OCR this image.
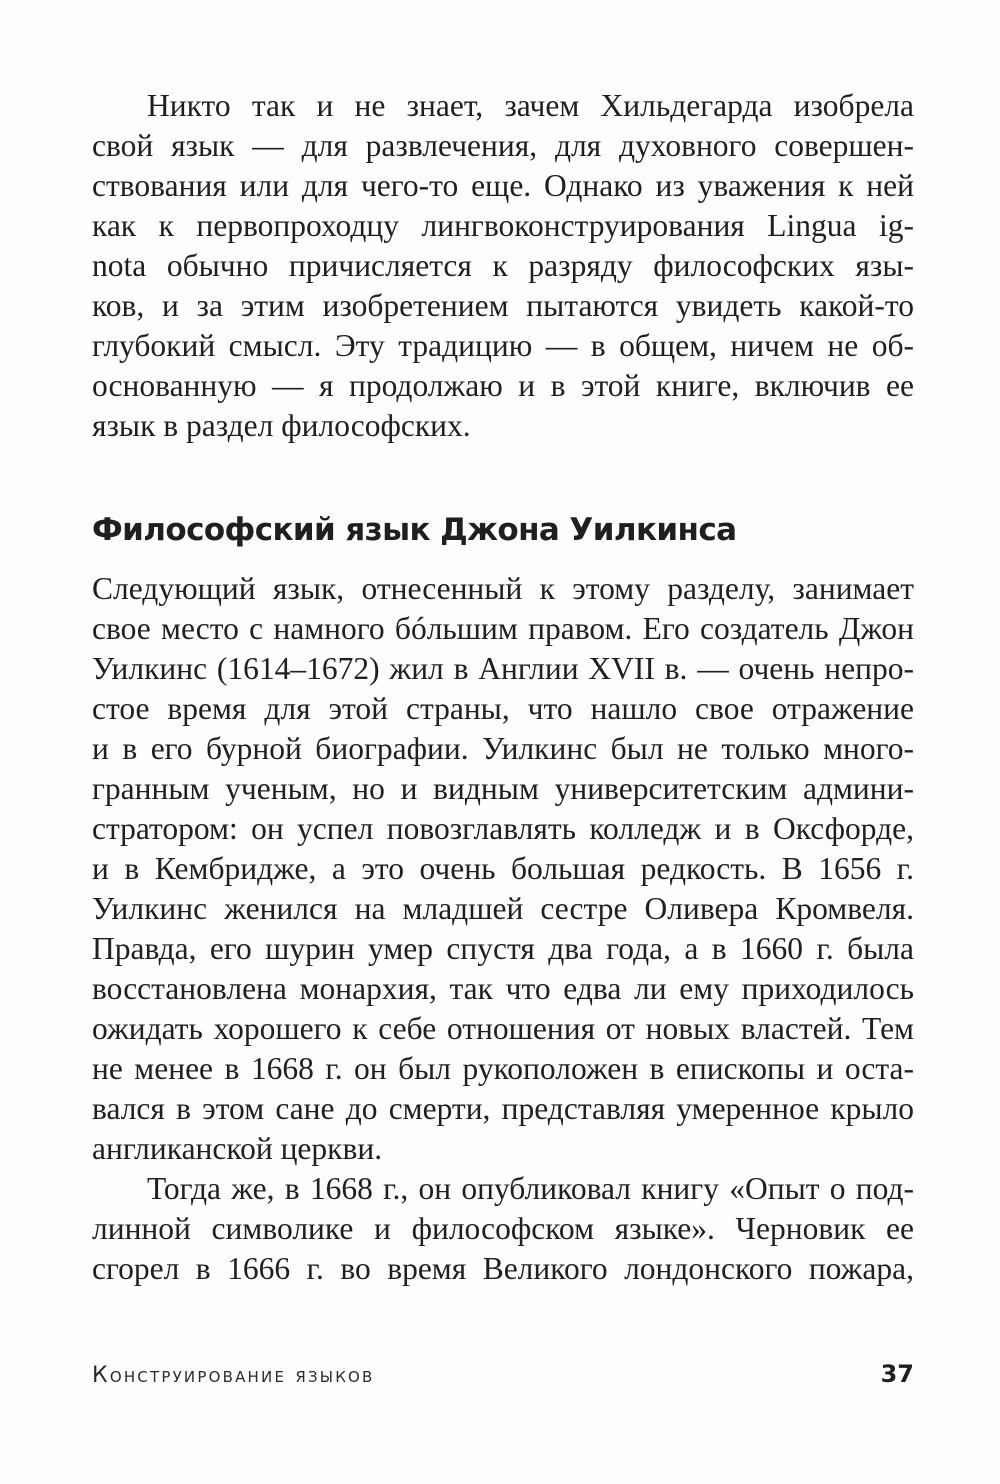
Никто так и не знает, зачем Хильдегарда изобрела
свой язык — для развлечения, для духовного совершен-
ствования или для чего-то еще. Однако из уважения к ней
как к первопроходцу лингвоконструирования Lingua ig-
nota обычно причисляется к разряду философских язы-
ков, и за этим изобретением пытаются увидеть какой-то
глубокий смысл. Эту традицию — в общем, ничем не об-
основанную — я продолжаю и в этой книге, включив ее
язык в раздел философских.
Философский язык Джона Уилкинса
Следующий язык, отнесенный к этому разделу, занимает
свое место с намного бóльшим правом. Его создатель Джон
Уилкинс (1614–1672) жил в Англии XVII в. — очень непро-
стое время для этой страны, что нашло свое отражение
и в его бурной биографии. Уилкинс был не только много-
гранным ученым, но и видным университетским админи-
стратором: он успел повозглавлять колледж и в Оксфорде,
и в Кембридже, а это очень большая редкость. В 1656 г.
Уилкинс женился на младшей сестре Оливера Кромвеля.
Правда, его шурин умер спустя два года, а в 1660 г. была
восстановлена монархия, так что едва ли ему приходилось
ожидать хорошего к себе отношения от новых властей. Тем
не менее в 1668 г. он был рукоположен в епископы и оста-
вался в этом сане до смерти, представляя умеренное крыло
англиканской церкви.
Тогда же, в 1668 г., он опубликовал книгу «Опыт о под-
линной символике и философском языке». Черновик ее
сгорел в 1666 г. во время Великого лондонского пожара,
Конструирование языков	37
